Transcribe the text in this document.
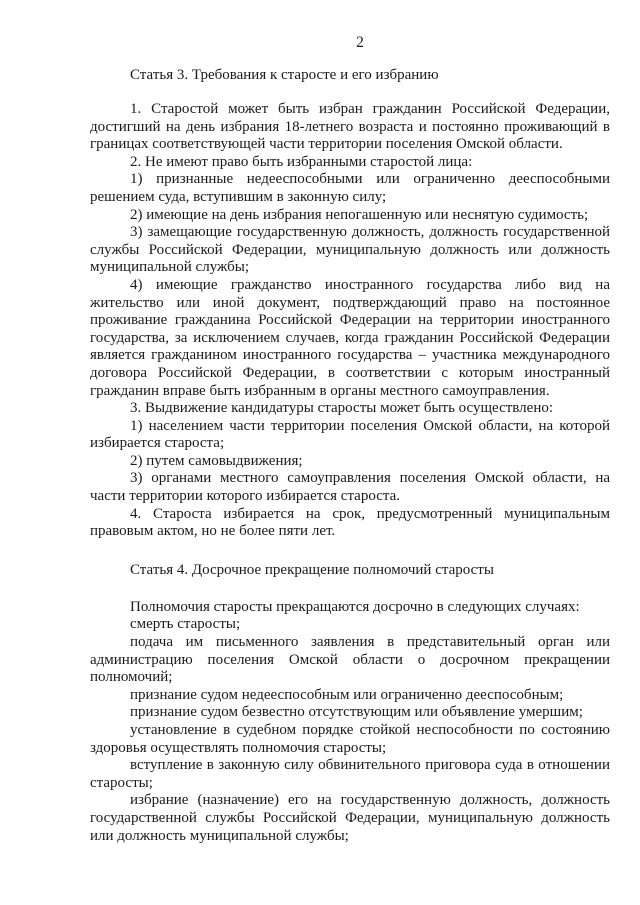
2
Статья 3. Требования к старосте и его избранию

1. Старостой может быть избран гражданин Российской Федерации, достигший на день избрания 18-летнего возраста и постоянно проживающий в границах соответствующей части территории поселения Омской области.

2. Не имеют право быть избранными старостой лица:

1) признанные недееспособными или ограниченно дееспособными решением суда, вступившим в законную силу;

2) имеющие на день избрания непогашенную или неснятую судимость;

3) замещающие государственную должность, должность государственной службы Российской Федерации, муниципальную должность или должность муниципальной службы;

4) имеющие гражданство иностранного государства либо вид на жительство или иной документ, подтверждающий право на постоянное проживание гражданина Российской Федерации на территории иностранного государства, за исключением случаев, когда гражданин Российской Федерации является гражданином иностранного государства – участника международного договора Российской Федерации, в соответствии с которым иностранный гражданин вправе быть избранным в органы местного самоуправления.

3. Выдвижение кандидатуры старосты может быть осуществлено:

1) населением части территории поселения Омской области, на которой избирается староста;

2) путем самовыдвижения;

3) органами местного самоуправления поселения Омской области, на части территории которого избирается староста.

4. Староста избирается на срок, предусмотренный муниципальным правовым актом, но не более пяти лет.

Статья 4. Досрочное прекращение полномочий старосты

Полномочия старосты прекращаются досрочно в следующих случаях:

смерть старосты;

подача им письменного заявления в представительный орган или администрацию поселения Омской области о досрочном прекращении полномочий;

признание судом недееспособным или ограниченно дееспособным;

признание судом безвестно отсутствующим или объявление умершим;

установление в судебном порядке стойкой неспособности по состоянию здоровья осуществлять полномочия старосты;

вступление в законную силу обвинительного приговора суда в отношении старосты;

избрание (назначение) его на государственную должность, должность государственной службы Российской Федерации, муниципальную должность или должность муниципальной службы;
